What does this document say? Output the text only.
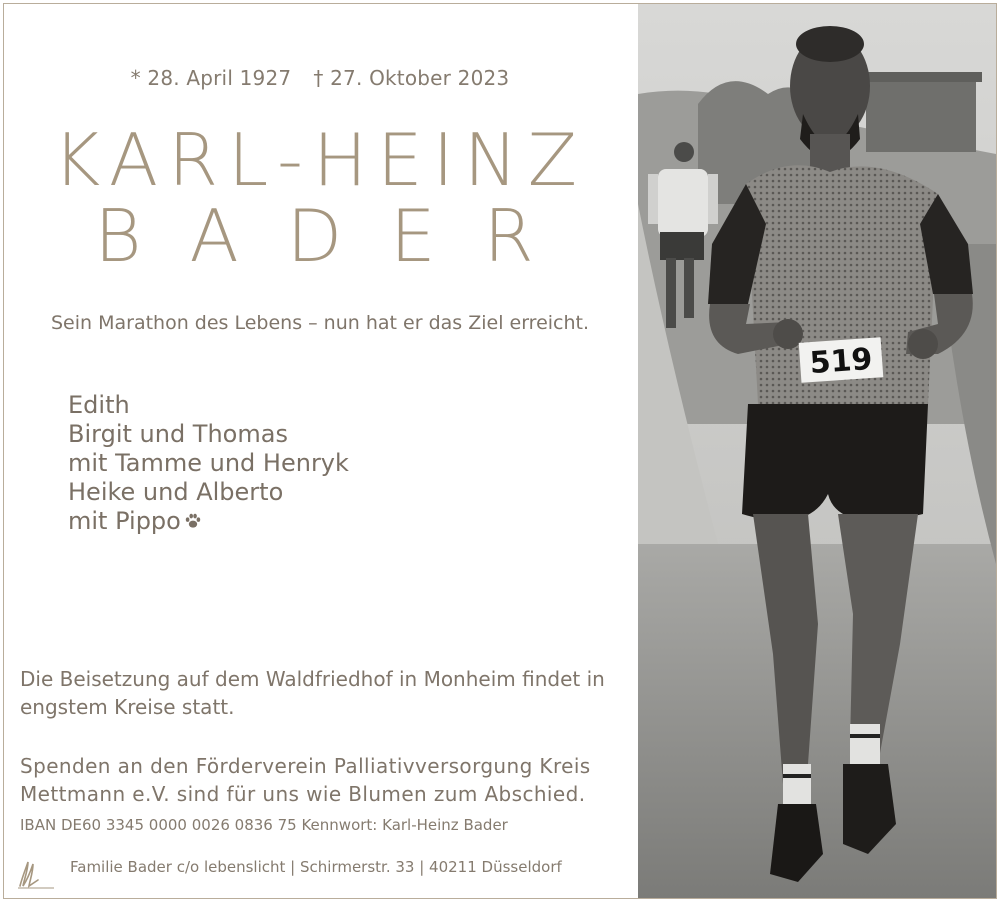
* 28. April 1927 † 27. Oktober 2023
KARL-HEINZ
BADER
Sein Marathon des Lebens – nun hat er das Ziel erreicht.
Edith
Birgit und Thomas
mit Tamme und Henryk
Heike und Alberto
mit Pippo
Die Beisetzung auf dem Waldfriedhof in Monheim findet in engstem Kreise statt.
Spenden an den Förderverein Palliativversorgung Kreis Mettmann e.V. sind für uns wie Blumen zum Abschied.
IBAN DE60 3345 0000 0026 0836 75 Kennwort: Karl-Heinz Bader
Familie Bader c/o lebenslicht | Schirmerstr. 33 | 40211 Düsseldorf
519
